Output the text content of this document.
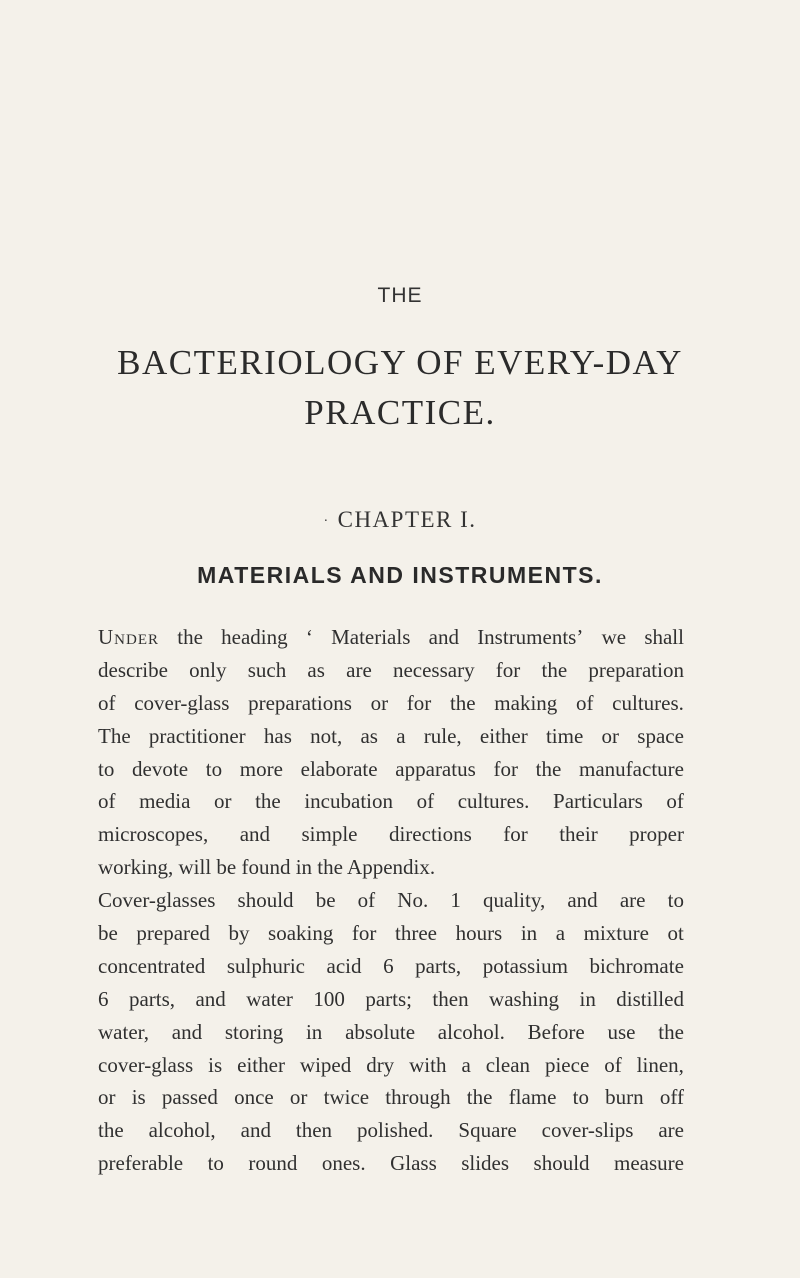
THE
BACTERIOLOGY OF EVERY-DAY
PRACTICE.
· CHAPTER I.
MATERIALS AND INSTRUMENTS.
Under the heading ‘ Materials and Instruments’ we shall
describe only such as are necessary for the preparation
of cover-glass preparations or for the making of cultures.
The practitioner has not, as a rule, either time or space
to devote to more elaborate apparatus for the manufacture
of media or the incubation of cultures. Particulars of
microscopes, and simple directions for their proper
working, will be found in the Appendix.
Cover-glasses should be of No. 1 quality, and are to
be prepared by soaking for three hours in a mixture ot
concentrated sulphuric acid 6 parts, potassium bichromate
6 parts, and water 100 parts; then washing in distilled
water, and storing in absolute alcohol. Before use the
cover-glass is either wiped dry with a clean piece of linen,
or is passed once or twice through the flame to burn off
the alcohol, and then polished. Square cover-slips are
preferable to round ones. Glass slides should measure
